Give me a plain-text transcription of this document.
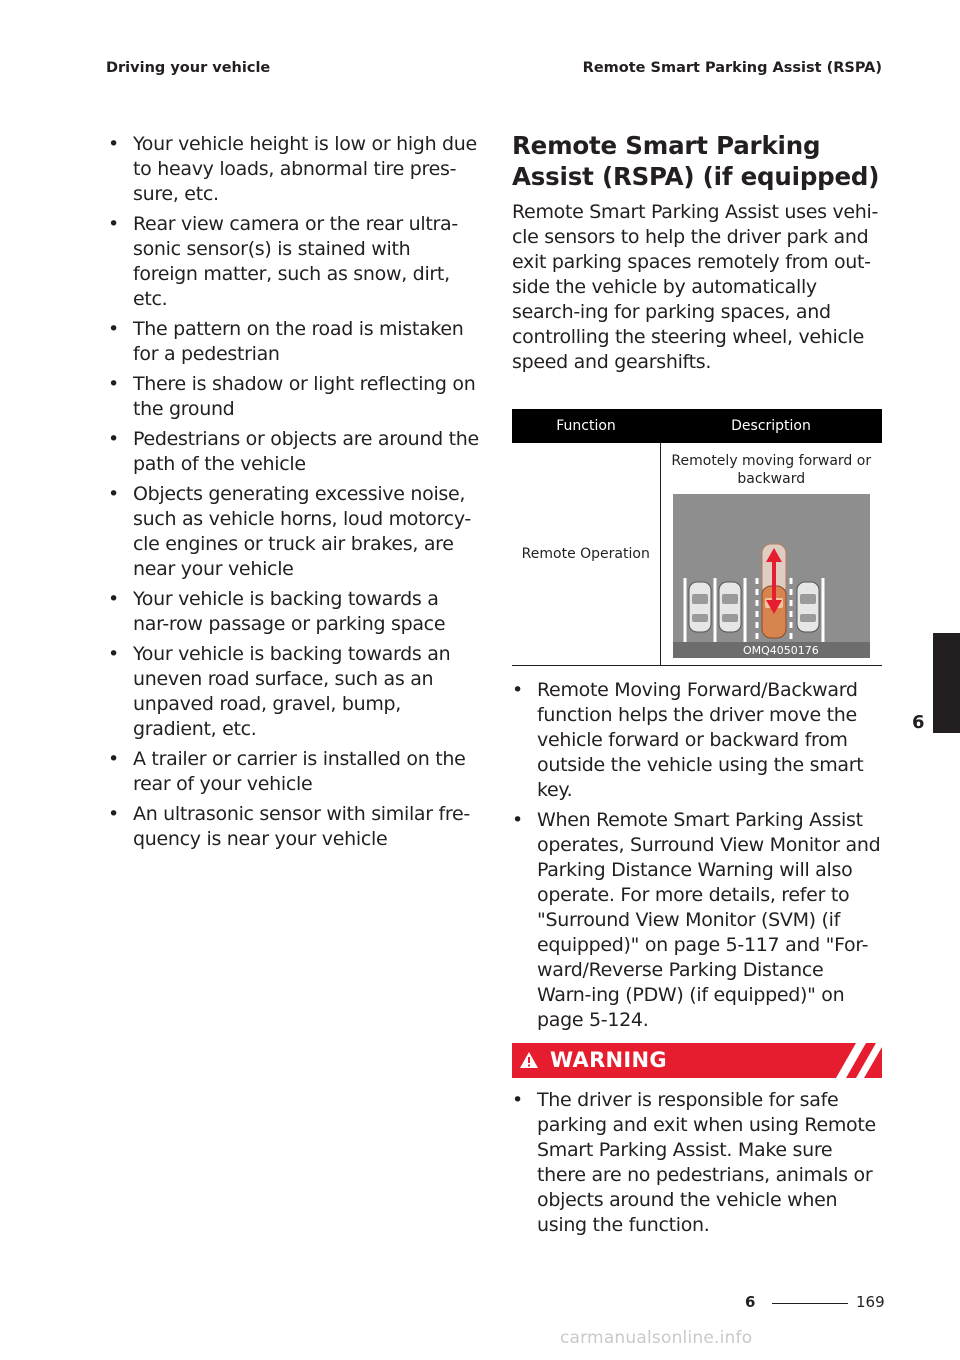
Driving your vehicle	Remote Smart Parking Assist (RSPA)
• Your vehicle height is low or high due to heavy loads, abnormal tire pres-sure, etc.
• Rear view camera or the rear ultra-sonic sensor(s) is stained with foreign matter, such as snow, dirt, etc.
• The pattern on the road is mistaken for a pedestrian
• There is shadow or light reflecting on the ground
• Pedestrians or objects are around the path of the vehicle
• Objects generating excessive noise, such as vehicle horns, loud motorcy-cle engines or truck air brakes, are near your vehicle
• Your vehicle is backing towards a nar-row passage or parking space
• Your vehicle is backing towards an uneven road surface, such as an unpaved road, gravel, bump, gradient, etc.
• A trailer or carrier is installed on the rear of your vehicle
• An ultrasonic sensor with similar fre-quency is near your vehicle
Remote Smart Parking Assist (RSPA) (if equipped)

Remote Smart Parking Assist uses vehi-cle sensors to help the driver park and exit parking spaces remotely from out-side the vehicle by automatically search-ing for parking spaces, and controlling the steering wheel, vehicle speed and gearshifts.

Function	Description
Remote Operation	Remotely moving forward or backward
OMQ4050176
• Remote Moving Forward/Backward function helps the driver move the vehicle forward or backward from outside the vehicle using the smart key.
• When Remote Smart Parking Assist operates, Surround View Monitor and Parking Distance Warning will also operate. For more details, refer to "Surround View Monitor (SVM) (if equipped)" on page 5-117 and "For-ward/Reverse Parking Distance Warn-ing (PDW) (if equipped)" on page 5-124.
WARNING
• The driver is responsible for safe parking and exit when using Remote Smart Parking Assist. Make sure there are no pedestrians, animals or objects around the vehicle when using the function.
6
6	169
carmanualsonline.info
